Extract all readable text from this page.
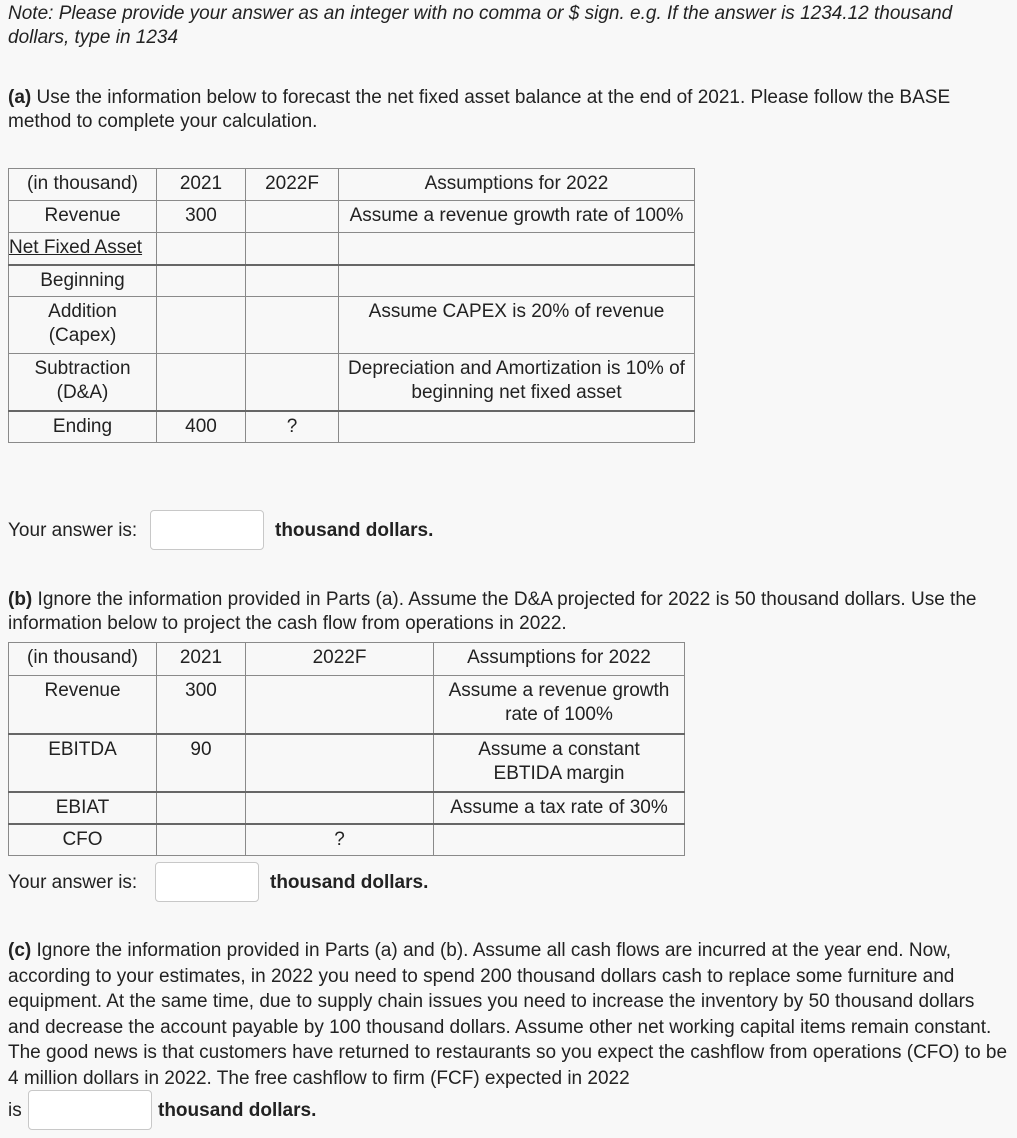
Note: Please provide your answer as an integer with no comma or $ sign. e.g. If the answer is 1234.12 thousand dollars, type in 1234
(a) Use the information below to forecast the net fixed asset balance at the end of 2021. Please follow the BASE method to complete your calculation.
(in thousand)	2021	2022F	Assumptions for 2022
Revenue	300		Assume a revenue growth rate of 100%
Net Fixed Asset			
Beginning			
Addition (Capex)			Assume CAPEX is 20% of revenue
Subtraction (D&A)			Depreciation and Amortization is 10% of beginning net fixed asset
Ending	400	?	
Your answer is:	thousand dollars.
(b) Ignore the information provided in Parts (a). Assume the D&A projected for 2022 is 50 thousand dollars. Use the information below to project the cash flow from operations in 2022.
(in thousand)	2021	2022F	Assumptions for 2022
Revenue	300		Assume a revenue growth rate of 100%
EBITDA	90		Assume a constant EBTIDA margin
EBIAT			Assume a tax rate of 30%
CFO		?	
Your answer is:	thousand dollars.
(c) Ignore the information provided in Parts (a) and (b). Assume all cash flows are incurred at the year end. Now, according to your estimates, in 2022 you need to spend 200 thousand dollars cash to replace some furniture and equipment. At the same time, due to supply chain issues you need to increase the inventory by 50 thousand dollars and decrease the account payable by 100 thousand dollars. Assume other net working capital items remain constant. The good news is that customers have returned to restaurants so you expect the cashflow from operations (CFO) to be 4 million dollars in 2022. The free cashflow to firm (FCF) expected in 2022
is	thousand dollars.
